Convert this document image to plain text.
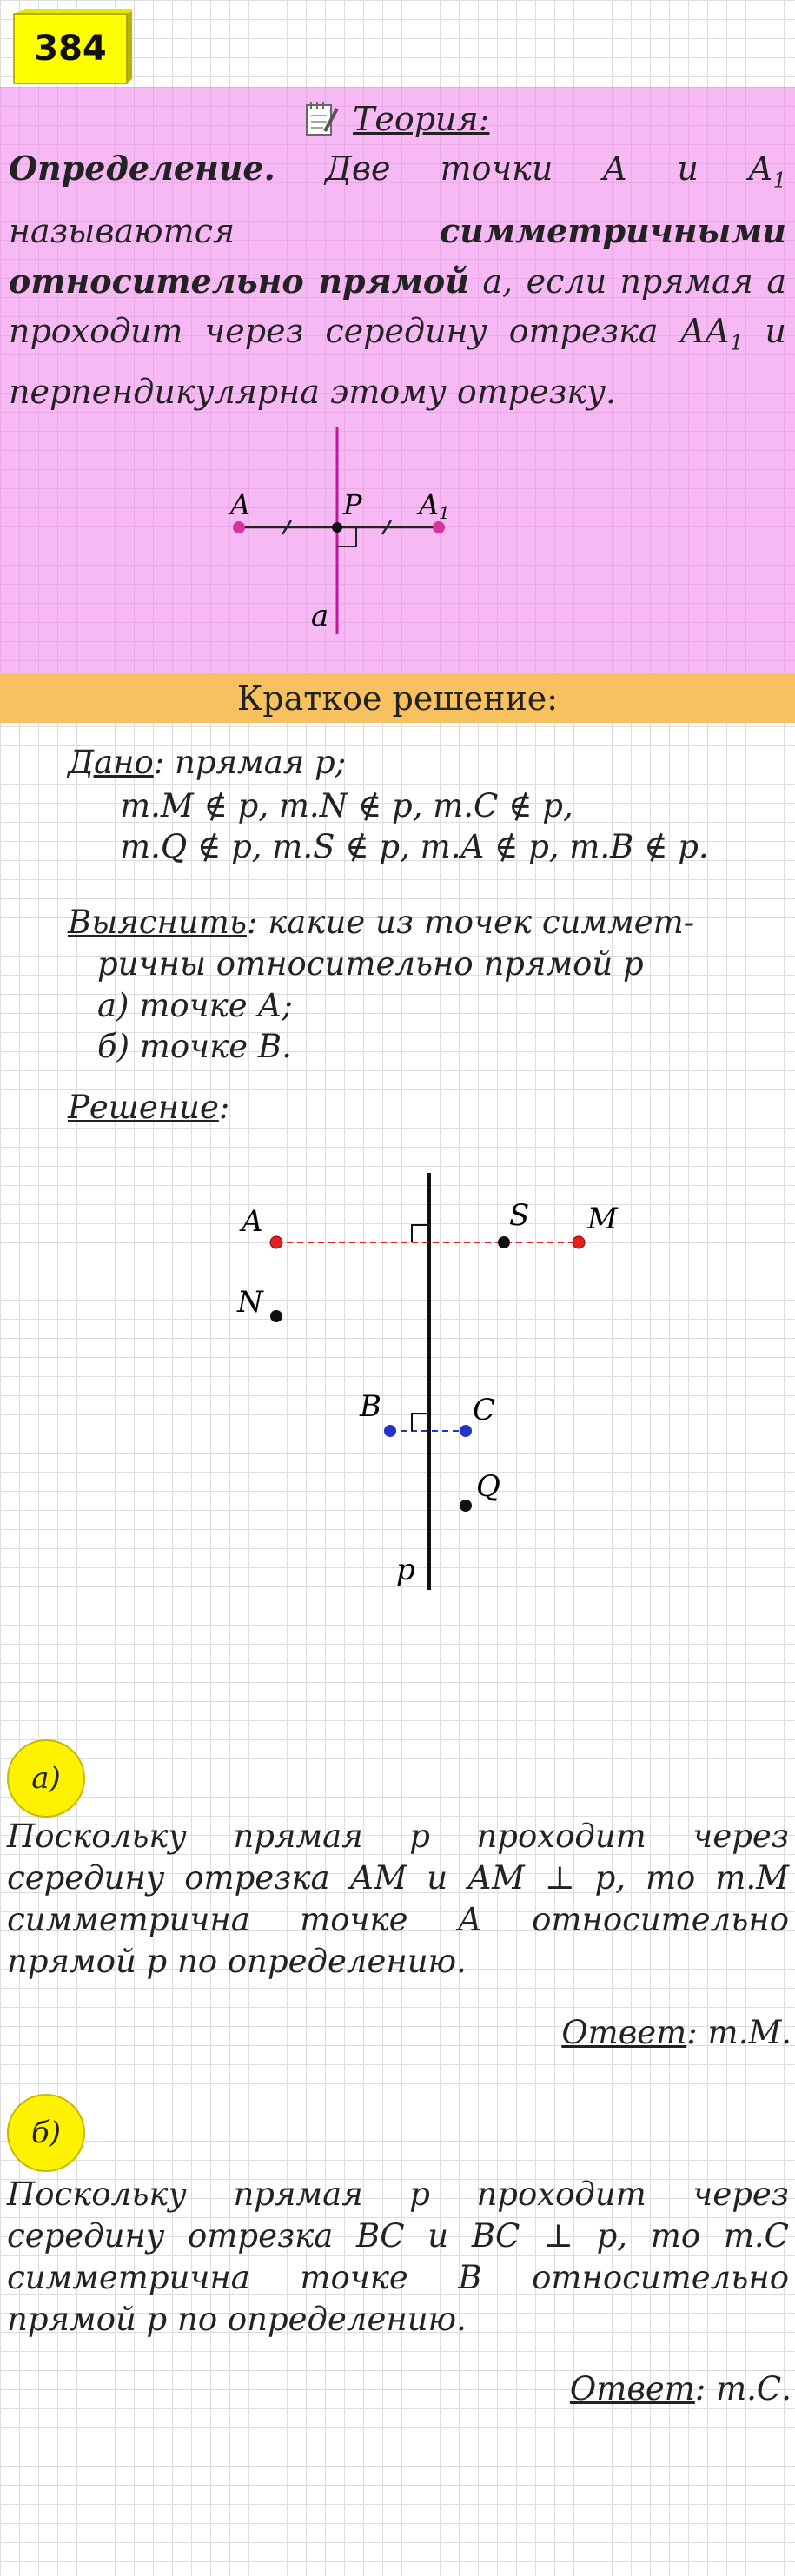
384
Теория:
Определение. Две точки А и $А_1$ называются симметричными относительно прямой а, если прямая а проходит через середину отрезка $АА_1$ и перпендикулярна этому отрезку.
A	P A 1
a
Краткое решение:
Дано: прямая р;
т.M ∉ p, т.N ∉ p, т.C ∉ p,
т.Q ∉ p, т.S ∉ p, т.A ∉ p, т.B ∉ p.
Выяснить: какие из точек симмет-
ричны относительно прямой р
а) точке А;
б) точке В.
Решение:
A	S M
N
B	C
Q
p
а)
Поскольку прямая р проходит через середину отрезка АМ и АМ ⊥ р, то т.М симметрична точке А относительно прямой р по определению.
Ответ: т.М.
б)
Поскольку прямая р проходит через середину отрезка ВС и ВС ⊥ р, то т.С симметрична точке В относительно прямой р по определению.
Ответ: т.С.
